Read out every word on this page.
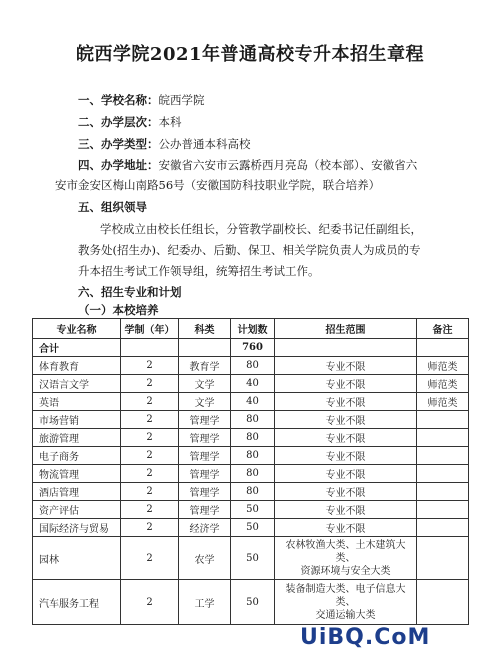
皖西学院2021年普通高校专升本招生章程
一、学校名称：皖西学院
二、办学层次：本科
三、办学类型：公办普通本科高校
四、办学地址：安徽省六安市云露桥西月亮岛（校本部）、安徽省六
安市金安区梅山南路56号（安徽国防科技职业学院，联合培养）
五、组织领导
学校成立由校长任组长，分管教学副校长、纪委书记任副组长，
教务处(招生办)、纪委办、后勤、保卫、相关学院负责人为成员的专
升本招生考试工作领导组，统筹招生考试工作。
六、招生专业和计划
（一）本校培养
专业名称	学制（年）	科类	计划数	招生范围	备注
合计			760		
体育教育	2	教育学	80	专业不限	师范类
汉语言文学	2	文学	40	专业不限	师范类
英语	2	文学	40	专业不限	师范类
市场营销	2	管理学	80	专业不限	
旅游管理	2	管理学	80	专业不限	
电子商务	2	管理学	80	专业不限	
物流管理	2	管理学	80	专业不限	
酒店管理	2	管理学	80	专业不限	
资产评估	2	管理学	50	专业不限	
国际经济与贸易	2	经济学	50	专业不限	
园林	2	农学	50	农林牧渔大类、土木建筑大类、
资源环境与安全大类	

汽车服务工程	2	工学	50	装备制造大类、电子信息大类、
交通运输大类	

UiBQ.CoM
